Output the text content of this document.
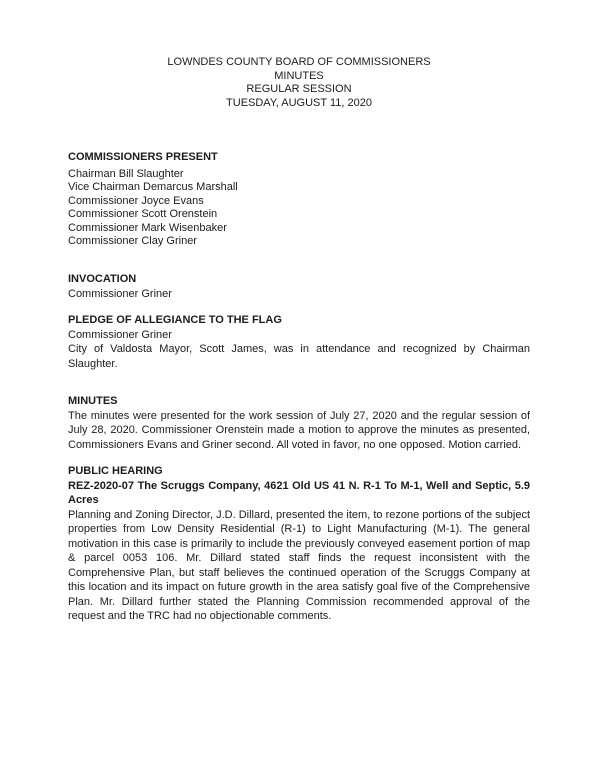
LOWNDES COUNTY BOARD OF COMMISSIONERS
MINUTES
REGULAR SESSION
TUESDAY, AUGUST 11, 2020
COMMISSIONERS PRESENT
Chairman Bill Slaughter
Vice Chairman Demarcus Marshall
Commissioner Joyce Evans
Commissioner Scott Orenstein
Commissioner Mark Wisenbaker
Commissioner Clay Griner
INVOCATION

Commissioner Griner

PLEDGE OF ALLEGIANCE TO THE FLAG

Commissioner Griner

City of Valdosta Mayor, Scott James, was in attendance and recognized by Chairman Slaughter.

MINUTES

The minutes were presented for the work session of July 27, 2020 and the regular session of July 28, 2020. Commissioner Orenstein made a motion to approve the minutes as presented, Commissioners Evans and Griner second. All voted in favor, no one opposed. Motion carried.

PUBLIC HEARING

REZ-2020-07 The Scruggs Company, 4621 Old US 41 N. R-1 To M-1, Well and Septic, 5.9 Acres

Planning and Zoning Director, J.D. Dillard, presented the item, to rezone portions of the subject properties from Low Density Residential (R-1) to Light Manufacturing (M-1). The general motivation in this case is primarily to include the previously conveyed easement portion of map & parcel 0053 106. Mr. Dillard stated staff finds the request inconsistent with the Comprehensive Plan, but staff believes the continued operation of the Scruggs Company at this location and its impact on future growth in the area satisfy goal five of the Comprehensive Plan. Mr. Dillard further stated the Planning Commission recommended approval of the request and the TRC had no objectionable comments.
